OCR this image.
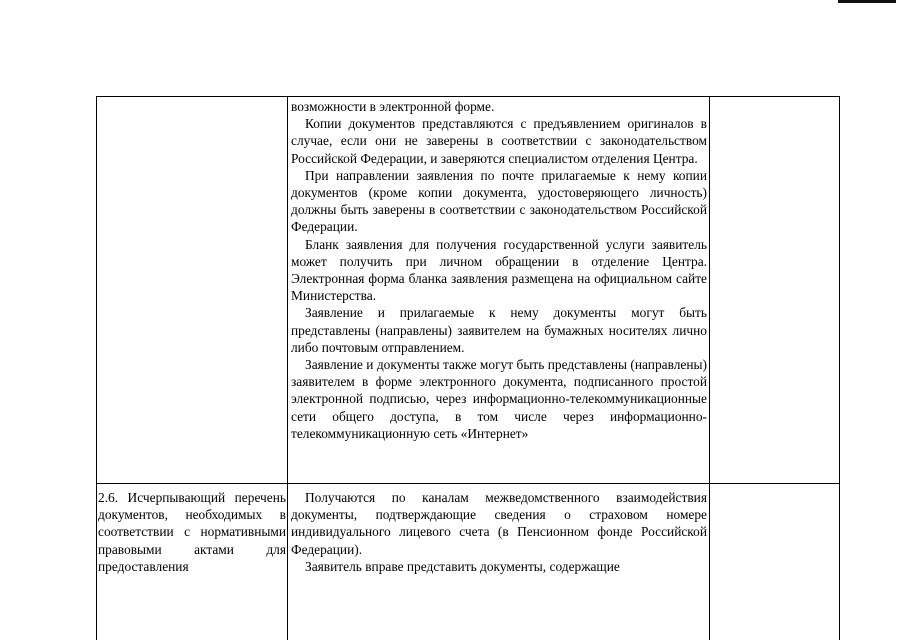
возможности в электронной форме.

Копии документов представляются с предъявлением оригиналов в случае, если они не заверены в соответствии с законодательством Российской Федерации, и заверяются специалистом отделения Центра.

При направлении заявления по почте прилагаемые к нему копии документов (кроме копии документа, удостоверяющего личность) должны быть заверены в соответствии с законодательством Российской Федерации.

Бланк заявления для получения государственной услуги заявитель может получить при личном обращении в отделение Центра. Электронная форма бланка заявления размещена на официальном сайте Министерства.

Заявление и прилагаемые к нему документы могут быть представлены (направлены) заявителем на бумажных носителях лично либо почтовым отправлением.

Заявление и документы также могут быть представлены (направлены) заявителем в форме электронного документа, подписанного простой электронной подписью, через информационно-телекоммуникационные сети общего доступа, в том числе через информационно-телекоммуникационную сеть «Интернет»

2.6. Исчерпывающий перечень документов, необходимых в соответствии с нормативными правовыми актами для предоставления

Получаются по каналам межведомственного взаимодействия документы, подтверждающие сведения о страховом номере индивидуального лицевого счета (в Пенсионном фонде Российской Федерации).

Заявитель вправе представить документы, содержащие
